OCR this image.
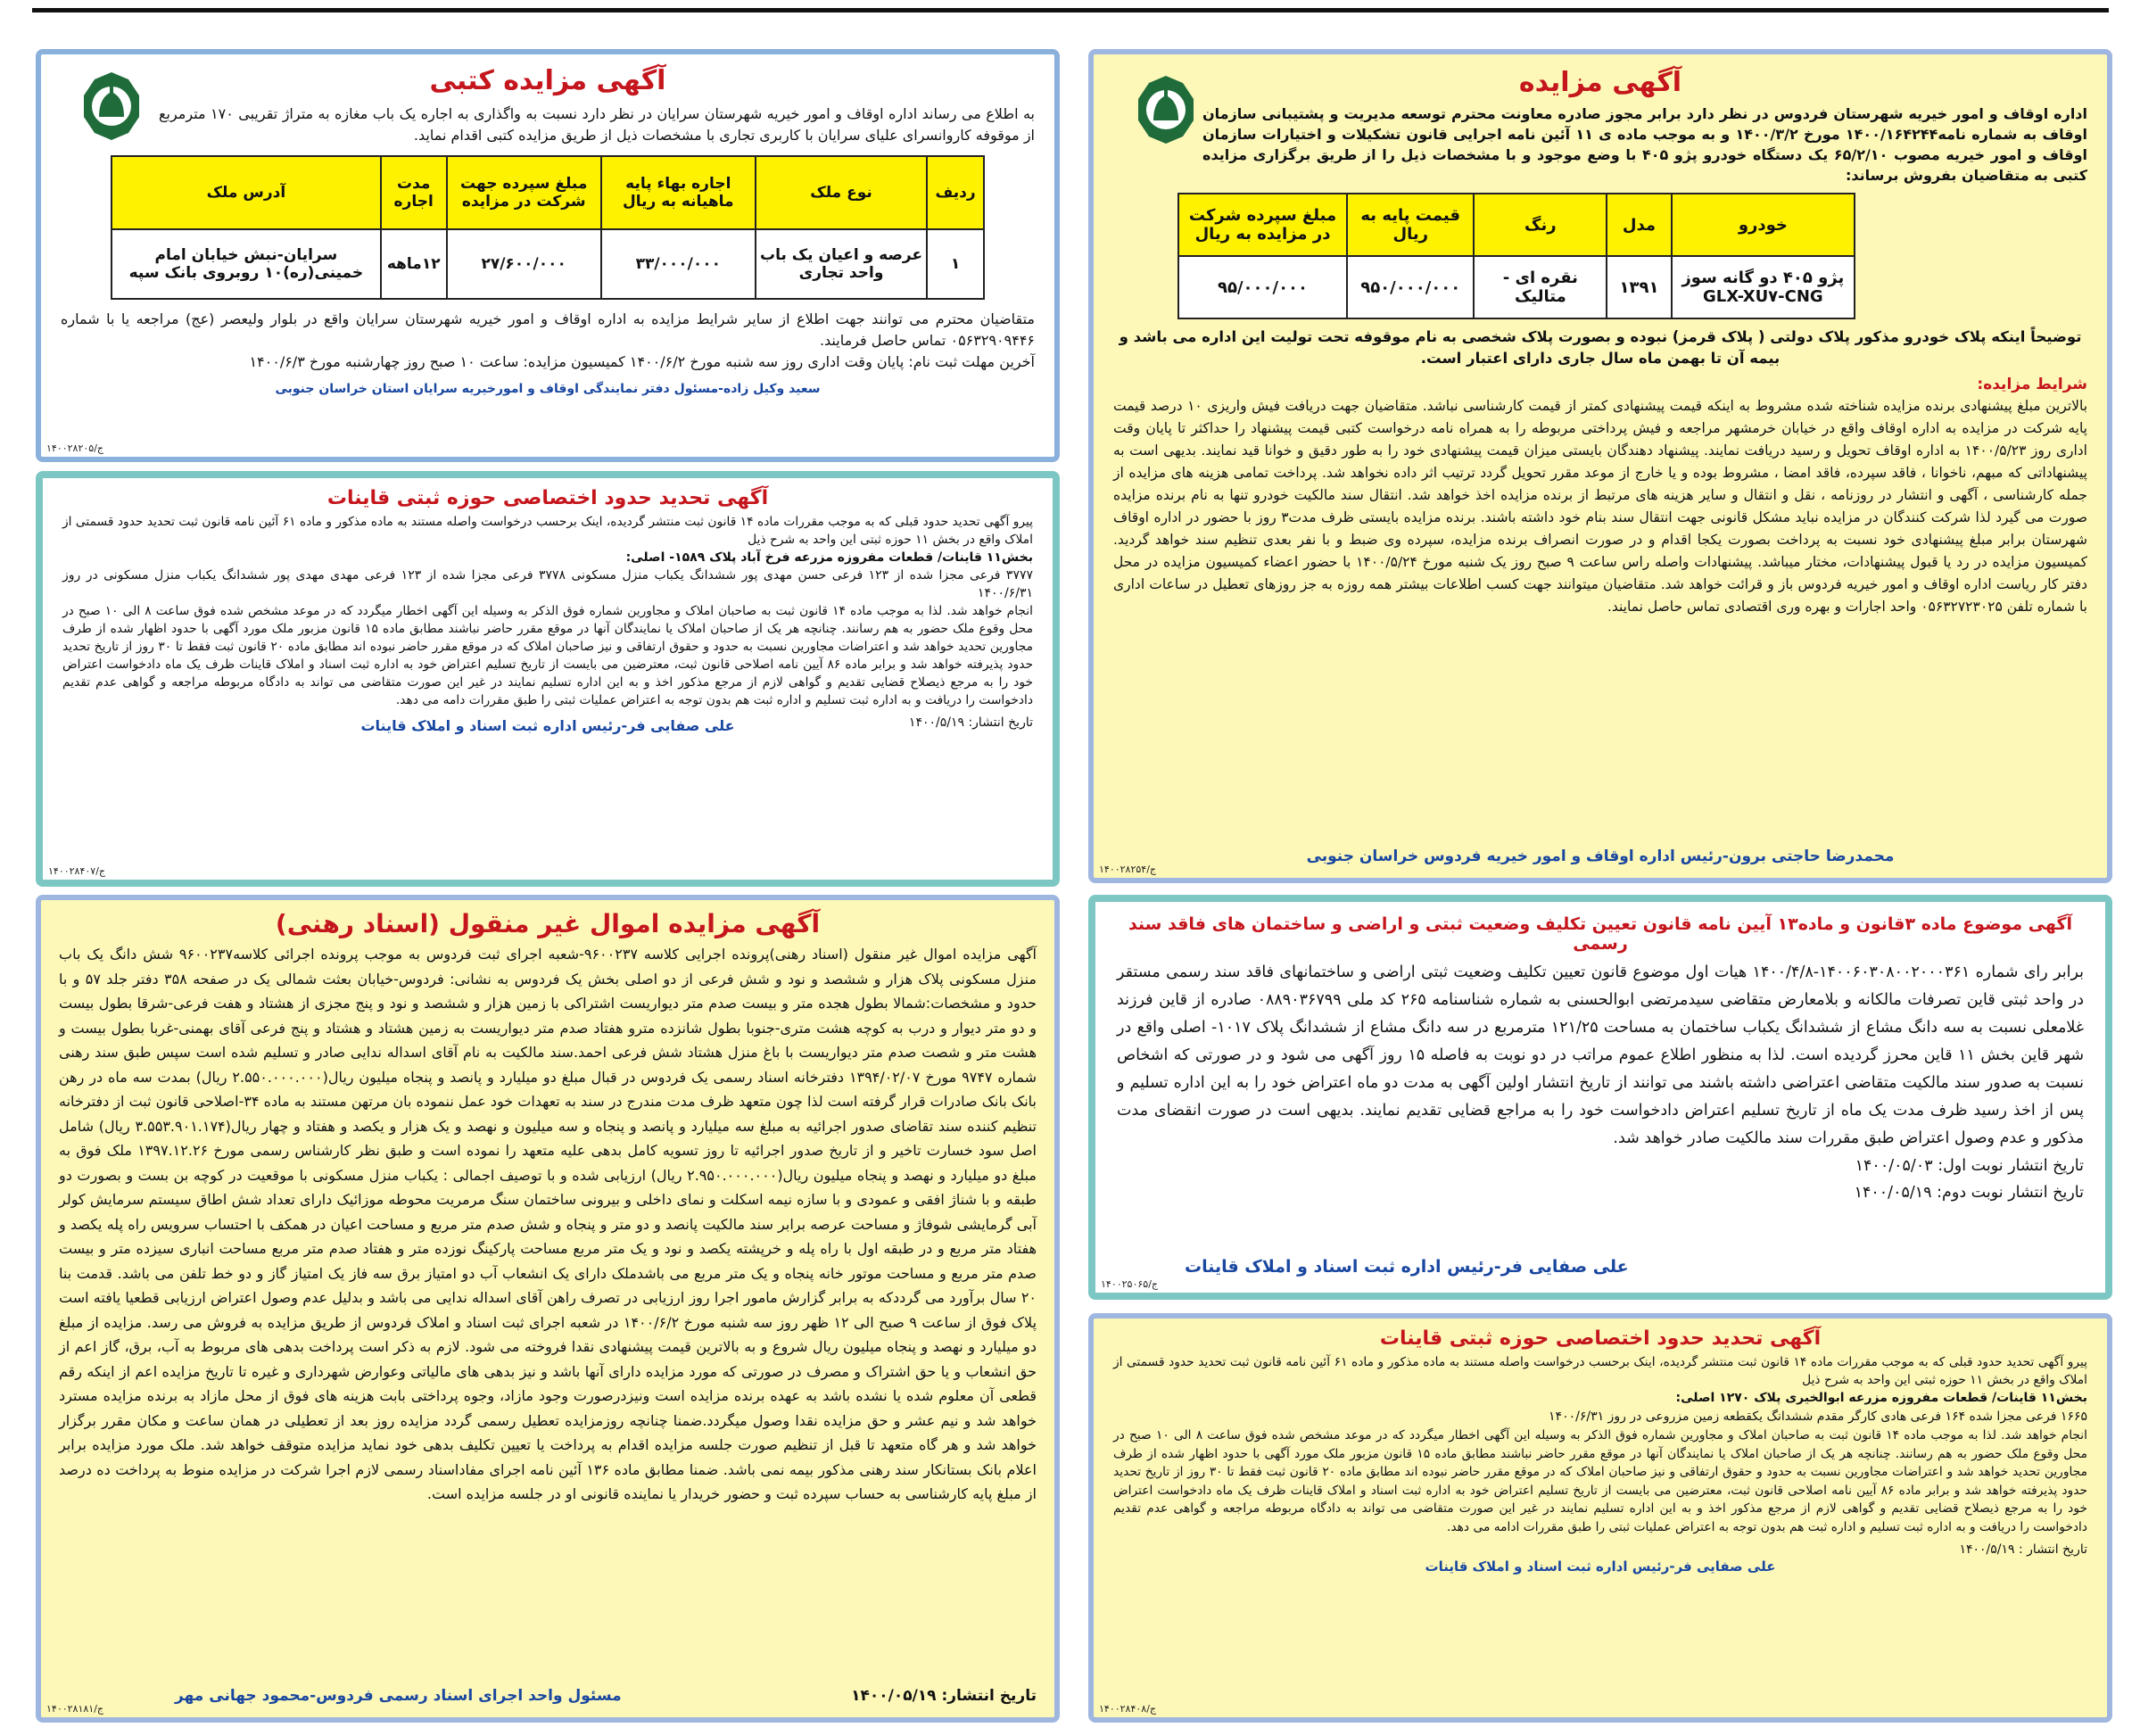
آگهی مزایده

اداره اوقاف و امور خیریه شهرستان فردوس در نظر دارد برابر مجوز صادره معاونت محترم توسعه مدیریت و پشتیبانی سازمان اوقاف به شماره نامه۱۴۰۰/۱۶۴۲۴۴ مورخ ۱۴۰۰/۳/۲ و به موجب ماده ی ۱۱ آئین نامه اجرایی قانون تشکیلات و اختیارات سازمان اوقاف و امور خیریه مصوب ۶۵/۲/۱۰ یک دستگاه خودرو پژو ۴۰۵ با وضع موجود و با مشخصات ذیل را از طریق برگزاری مزایده کتبی به متقاضیان بفروش برساند:

خودرو	مدل	رنگ	قیمت پایه به ریال	مبلغ سپرده شرکت در مزایده به ریال
پژو ۴۰۵ دو گانه سوز GLX-XU۷-CNG	۱۳۹۱	نقره ای - متالیک	۹۵۰/۰۰۰/۰۰۰	۹۵/۰۰۰/۰۰۰

توضیحاً اینکه پلاک خودرو مذکور پلاک دولتی ( پلاک قرمز) نبوده و بصورت پلاک شخصی به نام موقوفه تحت تولیت این اداره می باشد و بیمه آن تا بهمن ماه سال جاری دارای اعتبار است.

شرایط مزایده:

بالاترین مبلغ پیشنهادی برنده مزایده شناخته شده مشروط به اینکه قیمت پیشنهادی کمتر از قیمت کارشناسی نباشد. متقاضیان جهت دریافت فیش واریزی ۱۰ درصد قیمت پایه شرکت در مزایده به اداره اوقاف واقع در خیابان خرمشهر مراجعه و فیش پرداختی مربوطه را به همراه نامه درخواست کتبی قیمت پیشنهاد را حداکثر تا پایان وقت اداری روز ۱۴۰۰/۵/۲۳ به اداره اوقاف تحویل و رسید دریافت نمایند. پیشنهاد دهندگان بایستی میزان قیمت پیشنهادی خود را به طور دقیق و خوانا قید نمایند. بدیهی است به پیشنهاداتی که مبهم، ناخوانا ، فاقد سپرده، فاقد امضا ، مشروط بوده و یا خارج از موعد مقرر تحویل گردد ترتیب اثر داده نخواهد شد. پرداخت تمامی هزینه های مزایده از جمله کارشناسی ، آگهی و انتشار در روزنامه ، نقل و انتقال و سایر هزینه های مرتبط از برنده مزایده اخذ خواهد شد. انتقال سند مالکیت خودرو تنها به نام برنده مزایده صورت می گیرد لذا شرکت کنندگان در مزایده نباید مشکل قانونی جهت انتقال سند بنام خود داشته باشند. برنده مزایده بایستی ظرف مدت۳ روز با حضور در اداره اوقاف شهرستان برابر مبلغ پیشنهادی خود نسبت به پرداخت بصورت یکجا اقدام و در صورت انصراف برنده مزایده، سپرده وی ضبط و با نفر بعدی تنظیم سند خواهد گردید. کمیسیون مزایده در رد یا قبول پیشنهادات، مختار میباشد. پیشنهادات واصله راس ساعت ۹ صبح روز یک شنبه مورخ ۱۴۰۰/۵/۲۴ با حضور اعضاء کمیسیون مزایده در محل دفتر کار ریاست اداره اوقاف و امور خیریه فردوس باز و قرائت خواهد شد. متقاضیان میتوانند جهت کسب اطلاعات بیشتر همه روزه به جز روزهای تعطیل در ساعات اداری با شماره تلفن ۰۵۶۳۲۷۲۳۰۲۵ واحد اجارات و بهره وری اقتصادی تماس حاصل نمایند.

محمدرضا حاجتی برون-رئیس اداره اوقاف و امور خیریه فردوس خراسان جنوبی
ج/۱۴۰۰۲۸۲۵۴
آگهی مزایده کتبی

به اطلاع می رساند اداره اوقاف و امور خیریه شهرستان سرایان در نظر دارد نسبت به واگذاری به اجاره یک باب مغازه به متراژ تقریبی ۱۷۰ مترمربع از موقوفه کاروانسرای علیای سرایان با کاربری تجاری با مشخصات ذیل از طریق مزایده کتبی اقدام نماید.

ردیف	نوع ملک	اجاره بهاء پایه ماهیانه به ریال	مبلغ سپرده جهت شرکت در مزایده	مدت اجاره	آدرس ملک
۱	عرصه و اعیان یک باب واحد تجاری	۳۳/۰۰۰/۰۰۰	۲۷/۶۰۰/۰۰۰	۱۲ماهه	سرایان-نبش خیابان امام خمینی(ره)۱۰ روبروی بانک سپه

متقاضیان محترم می توانند جهت اطلاع از سایر شرایط مزایده به اداره اوقاف و امور خیریه شهرستان سرایان واقع در بلوار ولیعصر (عج) مراجعه یا با شماره ۰۵۶۳۲۹۰۹۴۴۶ تماس حاصل فرمایند.

آخرین مهلت ثبت نام: پایان وقت اداری روز سه شنبه مورخ ۱۴۰۰/۶/۲ کمیسیون مزایده: ساعت ۱۰ صبح روز چهارشنبه مورخ ۱۴۰۰/۶/۳

سعید وکیل زاده-مسئول دفتر نمایندگی اوقاف و امورخیریه سرایان استان خراسان جنوبی
ج/۱۴۰۰۲۸۲۰۵
آگهی تحدید حدود اختصاصی حوزه ثبتی قاینات

پیرو آگهی تحدید حدود قبلی که به موجب مقررات ماده ۱۴ قانون ثبت منتشر گردیده، اینک برحسب درخواست واصله مستند به ماده مذکور و ماده ۶۱ آئین نامه قانون ثبت تحدید حدود قسمتی از املاک واقع در بخش ۱۱ حوزه ثبتی این واحد به شرح ذیل

بخش۱۱ قاینات/ قطعات مفروزه مزرعه فرخ آباد پلاک ۱۵۸۹- اصلی:

۳۷۷۷ فرعی مجزا شده از ۱۲۳ فرعی حسن مهدی پور ششدانگ یکباب منزل مسکونی ۳۷۷۸ فرعی مجزا شده از ۱۲۳ فرعی مهدی مهدی پور ششدانگ یکباب منزل مسکونی در روز ۱۴۰۰/۶/۳۱

انجام خواهد شد. لذا به موجب ماده ۱۴ قانون ثبت به صاحبان املاک و مجاورین شماره فوق الذکر به وسیله این آگهی اخطار میگردد که در موعد مشخص شده فوق ساعت ۸ الی ۱۰ صبح در محل وقوع ملک حضور به هم رسانند. چنانچه هر یک از صاحبان املاک یا نمایندگان آنها در موقع مقرر حاضر نباشند مطابق ماده ۱۵ قانون مزبور ملک مورد آگهی با حدود اظهار شده از طرف مجاورین تحدید خواهد شد و اعتراضات مجاورین نسبت به حدود و حقوق ارتفاقی و نیز صاحبان املاک که در موقع مقرر حاضر نبوده اند مطابق ماده ۲۰ قانون ثبت فقط تا ۳۰ روز از تاریخ تحدید حدود پذیرفته خواهد شد و برابر ماده ۸۶ آیین نامه اصلاحی قانون ثبت، معترضین می بایست از تاریخ تسلیم اعتراض خود به اداره ثبت اسناد و املاک قاینات ظرف یک ماه دادخواست اعتراض خود را به مرجع ذیصلاح قضایی تقدیم و گواهی لازم از مرجع مذکور اخذ و به این اداره تسلیم نمایند در غیر این صورت متقاضی می تواند به دادگاه مربوطه مراجعه و گواهی عدم تقدیم دادخواست را دریافت و به اداره ثبت تسلیم و اداره ثبت هم بدون توجه به اعتراض عملیات ثبتی را طبق مقررات دامه می دهد.

تاریخ انتشار: ۱۴۰۰/۵/۱۹

علی صفایی فر-رئیس اداره ثبت اسناد و املاک قاینات
ج/۱۴۰۰۲۸۴۰۷
آگهی موضوع ماده ۳قانون و ماده۱۳ آیین نامه قانون تعیین تکلیف وضعیت ثبتی و اراضی و ساختمان های فاقد سند رسمی

برابر رای شماره ۱۴۰۰۶۰۳۰۸۰۰۲۰۰۰۳۶۱-۱۴۰۰/۴/۸ هیات اول موضوع قانون تعیین تکلیف وضعیت ثبتی اراضی و ساختمانهای فاقد سند رسمی مستقر در واحد ثبتی قاین تصرفات مالکانه و بلامعارض متقاضی سیدمرتضی ابوالحسنی به شماره شناسنامه ۲۶۵ کد ملی ۰۸۸۹۰۳۶۷۹۹ صادره از قاین فرزند غلامعلی نسبت به سه دانگ مشاع از ششدانگ یکباب ساختمان به مساحت ۱۲۱/۲۵ مترمربع در سه دانگ مشاع از ششدانگ پلاک ۱۰۱۷- اصلی واقع در شهر قاین بخش ۱۱ قاین محرز گردیده است. لذا به منظور اطلاع عموم مراتب در دو نوبت به فاصله ۱۵ روز آگهی می شود و در صورتی که اشخاص نسبت به صدور سند مالکیت متقاضی اعتراضی داشته باشند می توانند از تاریخ انتشار اولین آگهی به مدت دو ماه اعتراض خود را به این اداره تسلیم و پس از اخذ رسید ظرف مدت یک ماه از تاریخ تسلیم اعتراض دادخواست خود را به مراجع قضایی تقدیم نمایند. بدیهی است در صورت انقضای مدت مذکور و عدم وصول اعتراض طبق مقررات سند مالکیت صادر خواهد شد.

تاریخ انتشار نوبت اول: ۱۴۰۰/۰۵/۰۳

تاریخ انتشار نوبت دوم: ۱۴۰۰/۰۵/۱۹

علی صفایی فر-رئیس اداره ثبت اسناد و املاک قاینات
ج/۱۴۰۰۲۵۰۶۵
آگهی مزایده اموال غیر منقول (اسناد رهنی)

آگهی مزایده اموال غیر منقول (اسناد رهنی)پرونده اجرایی کلاسه ۹۶۰۰۲۳۷-شعبه اجرای ثبت فردوس به موجب پرونده اجرائی کلاسه۹۶۰۰۲۳۷ شش دانگ یک باب منزل مسکونی پلاک هزار و ششصد و نود و شش فرعی از دو اصلی بخش یک فردوس به نشانی: فردوس-خیابان بعثت شمالی یک در صفحه ۳۵۸ دفتر جلد ۵۷ و با حدود و مشخصات:شمالا بطول هجده متر و بیست صدم متر دیواریست اشتراکی با زمین هزار و ششصد و نود و پنج مجزی از هشتاد و هفت فرعی-شرقا بطول بیست و دو متر دیوار و درب به کوچه هشت متری-جنوبا بطول شانزده مترو هفتاد صدم متر دیواریست به زمین هشتاد و هشتاد و پنج فرعی آقای بهمنی-غربا بطول بیست و هشت متر و شصت صدم متر دیواریست با باغ منزل هشتاد شش فرعی احمد.سند مالکیت به نام آقای اسداله ندایی صادر و تسلیم شده است سپس طبق سند رهنی شماره ۹۷۴۷ مورخ ۱۳۹۴/۰۲/۰۷ دفترخانه اسناد رسمی یک فردوس در قبال مبلغ دو میلیارد و پانصد و پنجاه میلیون ریال(۲.۵۵۰.۰۰۰.۰۰۰ ریال) بمدت سه ماه در رهن بانک بانک صادرات قرار گرفته است لذا چون متعهد ظرف مدت مندرج در سند به تعهدات خود عمل ننموده بان مرتهن مستند به ماده ۳۴-اصلاحی قانون ثبت از دفترخانه تنظیم کننده سند تقاضای صدور اجرائیه به مبلغ سه میلیارد و پانصد و پنجاه و سه میلیون و نهصد و یک هزار و یکصد و هفتاد و چهار ریال(۳.۵۵۳.۹۰۱.۱۷۴ ریال) شامل اصل سود خسارت تاخیر و از تاریخ صدور اجرائیه تا روز تسویه کامل بدهی علیه متعهد را نموده است و طبق نظر کارشناس رسمی مورخ ۱۳۹۷.۱۲.۲۶ ملک فوق به مبلغ دو میلیارد و نهصد و پنجاه میلیون ریال(۲.۹۵۰.۰۰۰.۰۰۰ ریال) ارزیابی شده و با توصیف اجمالی : یکباب منزل مسکونی با موقعیت در کوچه بن بست و بصورت دو طبقه و با شناژ افقی و عمودی و با سازه نیمه اسکلت و نمای داخلی و بیرونی ساختمان سنگ مرمریت محوطه موزائیک دارای تعداد شش اطاق سیستم سرمایش کولر آبی گرمایشی شوفاژ و مساحت عرصه برابر سند مالکیت پانصد و دو متر و پنجاه و شش صدم متر مربع و مساحت اعیان در همکف با احتساب سرویس راه پله یکصد و هفتاد متر مربع و در طبقه اول با راه پله و خرپشته یکصد و نود و یک متر مربع مساحت پارکینگ نوزده متر و هفتاد صدم متر مربع مساحت انباری سیزده متر و بیست صدم متر مربع و مساحت موتور خانه پنجاه و یک متر مربع می باشدملک دارای یک انشعاب آب دو امتیاز برق سه فاز یک امتیاز گاز و دو خط تلفن می باشد. قدمت بنا ۲۰ سال برآورد می گرددکه به برابر گزارش مامور اجرا روز ارزیابی در تصرف راهن آقای اسداله ندایی می باشد و بدلیل عدم وصول اعتراض ارزیابی قطعیا یافته است پلاک فوق از ساعت ۹ صبح الی ۱۲ ظهر روز سه شنبه مورخ ۱۴۰۰/۶/۲ در شعبه اجرای ثبت اسناد و املاک فردوس از طریق مزایده به فروش می رسد. مزایده از مبلغ دو میلیارد و نهصد و پنجاه میلیون ریال شروع و به بالاترین قیمت پیشنهادی نقدا فروخته می شود. لازم به ذکر است پرداخت بدهی های مربوط به آب، برق، گاز اعم از حق انشعاب و یا حق اشتراک و مصرف در صورتی که مورد مزایده دارای آنها باشد و نیز بدهی های مالیاتی وعوارض شهرداری و غیره تا تاریخ مزایده اعم از اینکه رقم قطعی آن معلوم شده یا نشده باشد به عهده برنده مزایده است ونیزدرصورت وجود مازاد، وجوه پرداختی بابت هزینه های فوق از محل مازاد به برنده مزایده مسترد خواهد شد و نیم عشر و حق مزایده نقدا وصول میگردد.ضمنا چنانچه روزمزایده تعطیل رسمی گردد مزایده روز بعد از تعطیلی در همان ساعت و مکان مقرر برگزار خواهد شد و هر گاه متعهد تا قبل از تنظیم صورت جلسه مزایده اقدام به پرداخت یا تعیین تکلیف بدهی خود نماید مزایده متوقف خواهد شد. ملک مورد مزایده برابر اعلام بانک بستانکار سند رهنی مذکور بیمه نمی باشد. ضمنا مطابق ماده ۱۳۶ آئین نامه اجرای مفاداسناد رسمی لازم اجرا شرکت در مزایده منوط به پرداخت ده درصد از مبلغ پایه کارشناسی به حساب سپرده ثبت و حضور خریدار یا نماینده قانونی او در جلسه مزایده است.

تاریخ انتشار: ۱۴۰۰/۰۵/۱۹
مسئول واحد اجرای اسناد رسمی فردوس-محمود جهانی مهر
ج/۱۴۰۰۲۸۱۸۱
آگهی تحدید حدود اختصاصی حوزه ثبتی قاینات

پیرو آگهی تحدید حدود قبلی که به موجب مقررات ماده ۱۴ قانون ثبت منتشر گردیده، اینک برحسب درخواست واصله مستند به ماده مذکور و ماده ۶۱ آئین نامه قانون ثبت تحدید حدود قسمتی از املاک واقع در بخش ۱۱ حوزه ثبتی این واحد به شرح ذیل

بخش۱۱ قاینات/ قطعات مفروزه مزرعه ابوالخیری پلاک ۱۲۷۰ اصلی:

۱۶۶۵ فرعی مجزا شده ۱۶۴ فرعی هادی کارگر مقدم ششدانگ یکقطعه زمین مزروعی در روز ۱۴۰۰/۶/۳۱

انجام خواهد شد. لذا به موجب ماده ۱۴ قانون ثبت به صاحبان املاک و مجاورین شماره فوق الذکر به وسیله این آگهی اخطار میگردد که در موعد مشخص شده فوق ساعت ۸ الی ۱۰ صبح در محل وقوع ملک حضور به هم رسانند. چنانچه هر یک از صاحبان املاک یا نمایندگان آنها در موقع مقرر حاضر نباشند مطابق ماده ۱۵ قانون مزبور ملک مورد آگهی با حدود اظهار شده از طرف مجاورین تحدید خواهد شد و اعتراضات مجاورین نسبت به حدود و حقوق ارتفاقی و نیز صاحبان املاک که در موقع مقرر حاضر نبوده اند مطابق ماده ۲۰ قانون ثبت فقط تا ۳۰ روز از تاریخ تحدید حدود پذیرفته خواهد شد و برابر ماده ۸۶ آیین نامه اصلاحی قانون ثبت، معترضین می بایست از تاریخ تسلیم اعتراض خود به اداره ثبت اسناد و املاک قاینات ظرف یک ماه دادخواست اعتراض خود را به مرجع ذیصلاح قضایی تقدیم و گواهی لازم از مرجع مذکور اخذ و به این اداره تسلیم نمایند در غیر این صورت متقاضی می تواند به دادگاه مربوطه مراجعه و گواهی عدم تقدیم دادخواست را دریافت و به اداره ثبت تسلیم و اداره ثبت هم بدون توجه به اعتراض عملیات ثبتی را طبق مقررات ادامه می دهد.

تاریخ انتشار : ۱۴۰۰/۵/۱۹

علی صفایی فر-رئیس اداره ثبت اسناد و املاک قاینات
ج/۱۴۰۰۲۸۴۰۸
